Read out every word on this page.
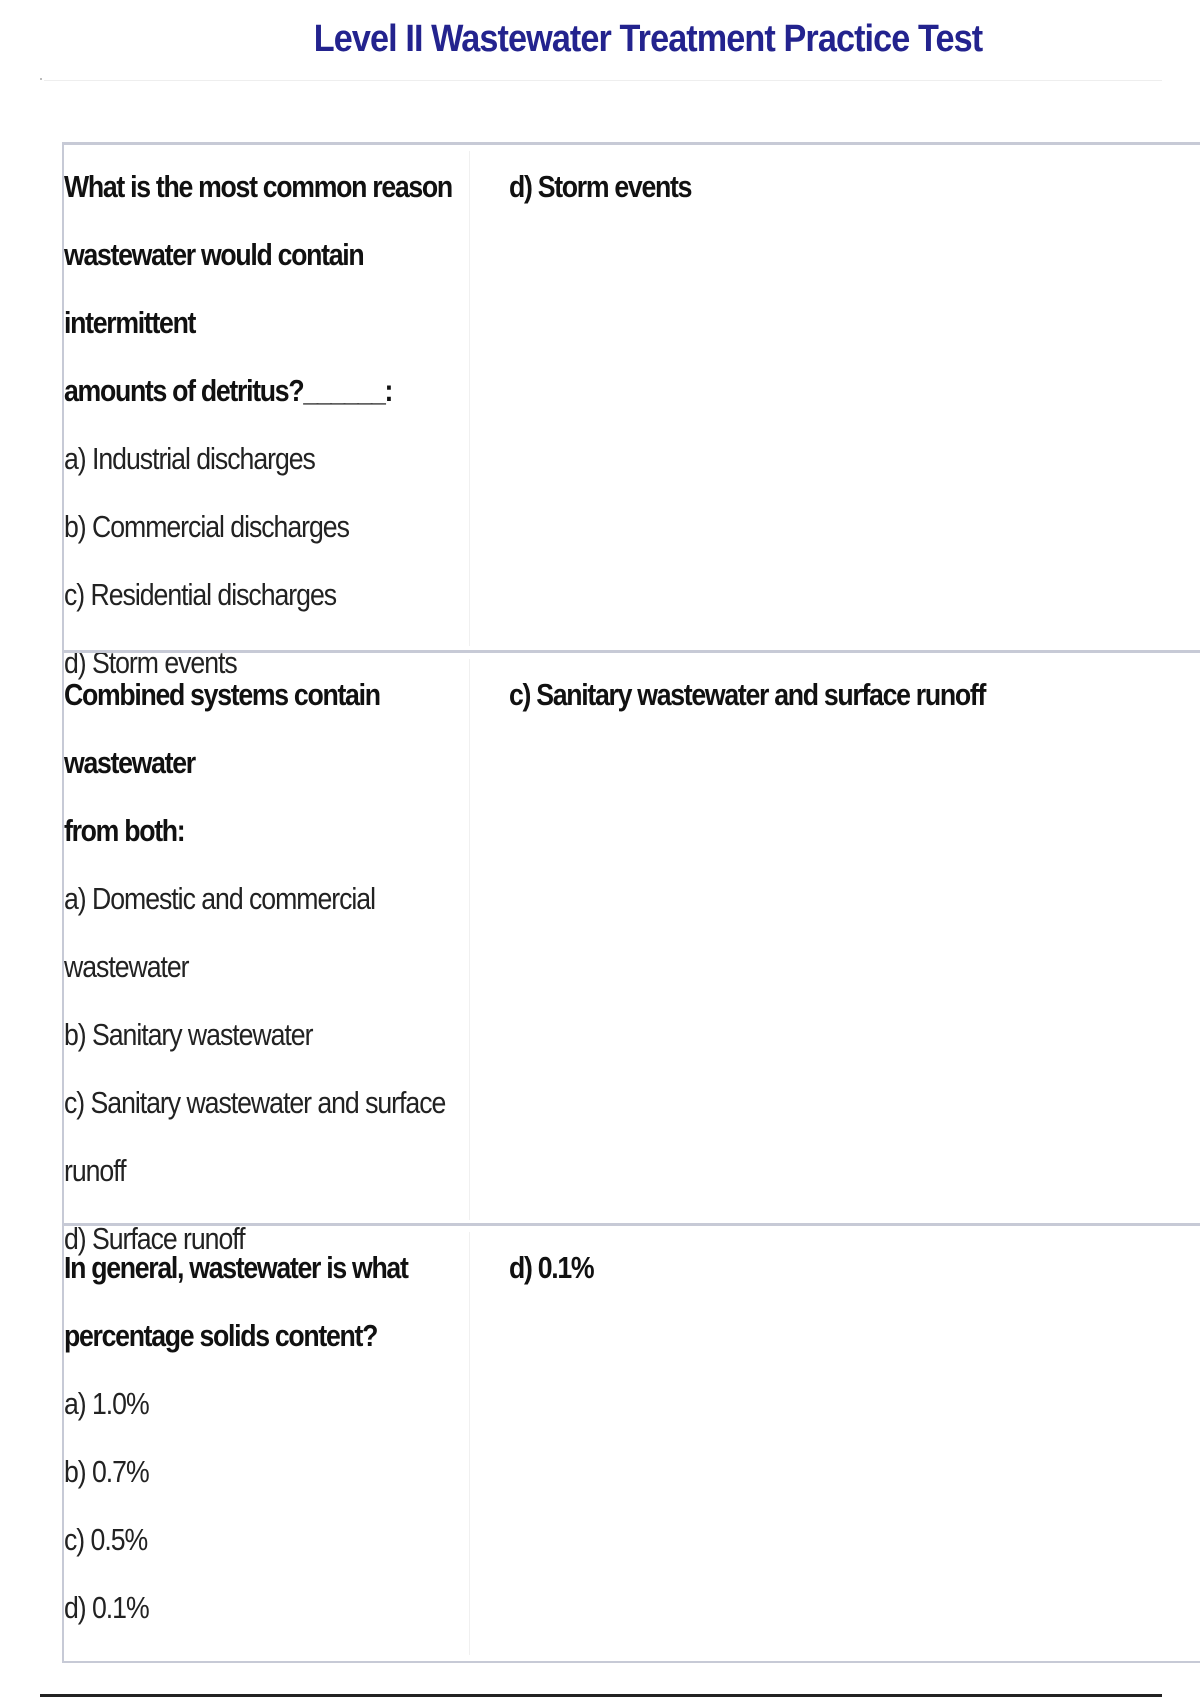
Level II Wastewater Treatment Practice Test

What is the most common reason

wastewater would contain intermittent

amounts of detritus?______:

a) Industrial discharges

b) Commercial discharges

c) Residential discharges

d) Storm events

d) Storm events

Combined systems contain wastewater

from both:

a) Domestic and commercial

wastewater

b) Sanitary wastewater

c) Sanitary wastewater and surface

runoff

d) Surface runoff

c) Sanitary wastewater and surface runoff

In general, wastewater is what

percentage solids content?

a) 1.0%

b) 0.7%

c) 0.5%

d) 0.1%

d) 0.1%
